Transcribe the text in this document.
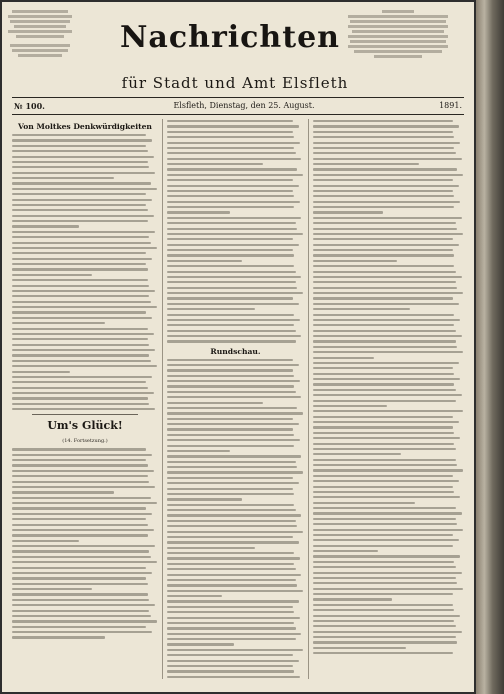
Nachrichten
für Stadt und Amt Elsfleth
№ 100.	Elsfleth, Dienstag, den 25. August.	1891.
Von Moltkes Denkwürdigkeiten
Um's Glück!
(14. Fortsetzung.)
Rundschau.
